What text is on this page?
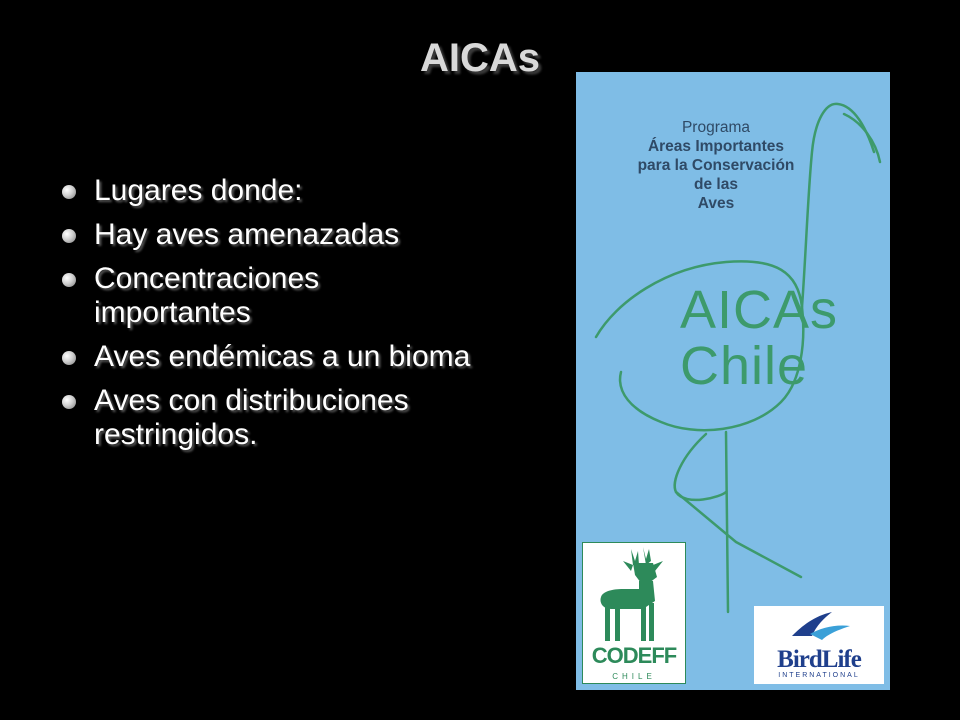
AICAs
Lugares donde:
Hay aves amenazadas
Concentraciones importantes
Aves endémicas a un bioma
Aves con distribuciones restringidos.
Programa
Áreas Importantes
para la Conservación
de las
Aves
AICAs
Chile
CODEFF
CHILE
BirdLife
INTERNATIONAL
